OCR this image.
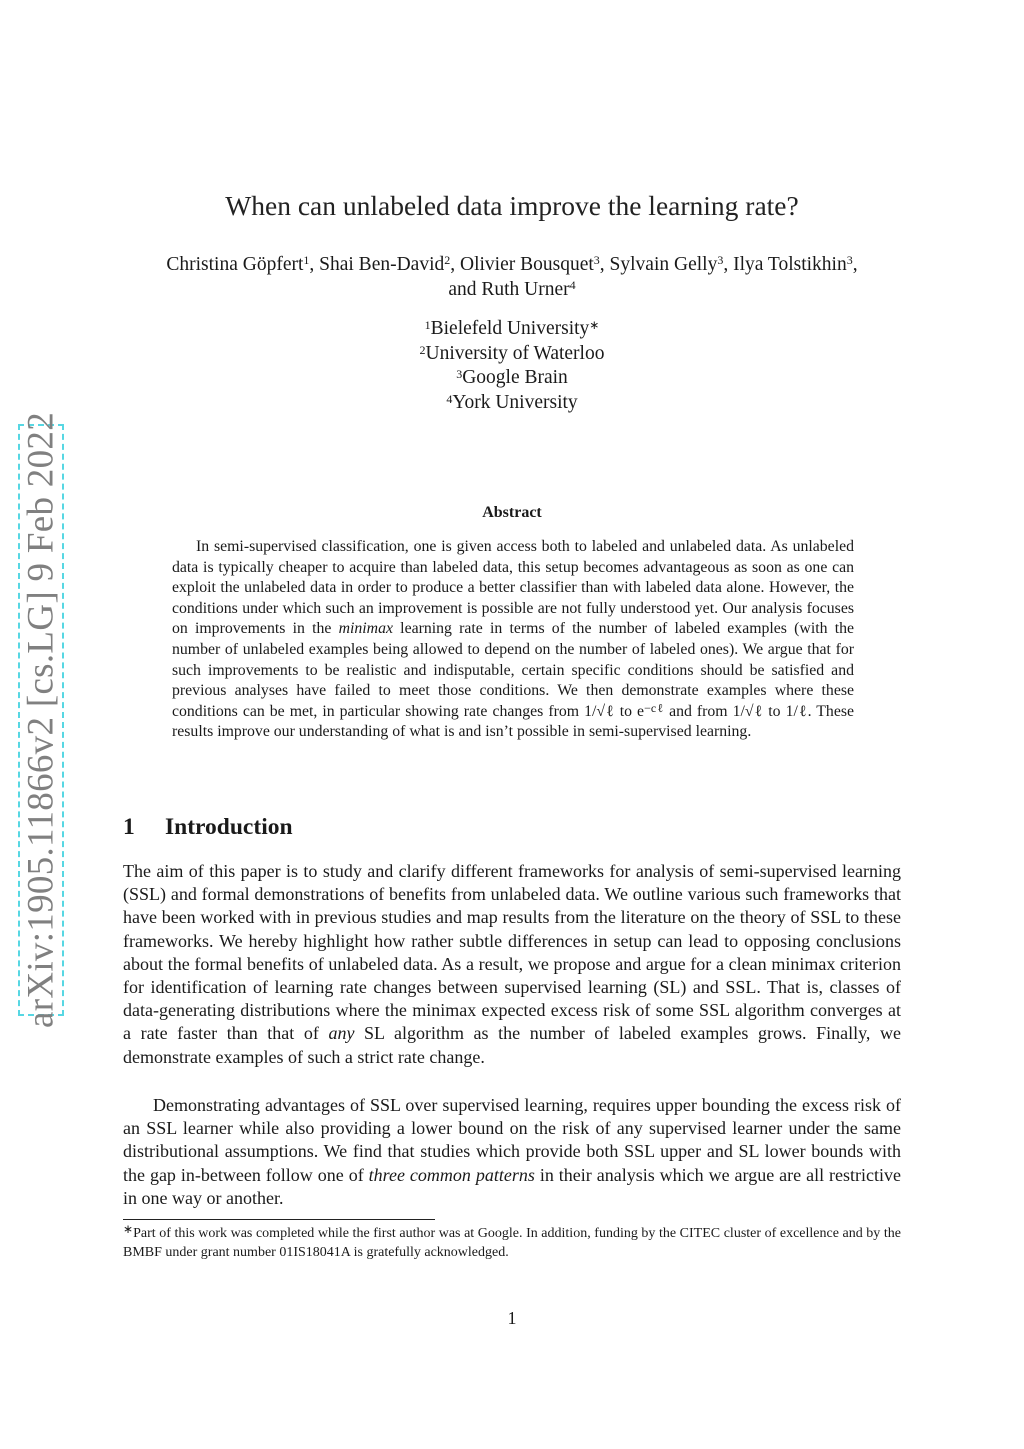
arXiv:1905.11866v2 [cs.LG] 9 Feb 2022
When can unlabeled data improve the learning rate?
Christina Göpfert$^1$, Shai Ben-David$^2$, Olivier Bousquet$^3$, Sylvain Gelly$^3$, Ilya Tolstikhin$^3$, and Ruth Urner$^4$
$^1$Bielefeld University∗
$^2$University of Waterloo
$^3$Google Brain
$^4$York University
Abstract

In semi-supervised classification, one is given access both to labeled and unlabeled data. As unlabeled data is typically cheaper to acquire than labeled data, this setup becomes advantageous as soon as one can exploit the unlabeled data in order to produce a better classifier than with labeled data alone. However, the conditions under which such an improvement is possible are not fully understood yet. Our analysis focuses on improvements in the minimax learning rate in terms of the number of labeled examples (with the number of unlabeled examples being allowed to depend on the number of labeled ones). We argue that for such improvements to be realistic and indisputable, certain specific conditions should be satisfied and previous analyses have failed to meet those conditions. We then demonstrate examples where these conditions can be met, in particular showing rate changes from 1/√ℓ to $e^{-c\ell}$ and from 1/√ℓ to 1/ℓ. These results improve our understanding of what is and isn’t possible in semi-supervised learning.

1 Introduction

The aim of this paper is to study and clarify different frameworks for analysis of semi-supervised learning (SSL) and formal demonstrations of benefits from unlabeled data. We outline various such frameworks that have been worked with in previous studies and map results from the literature on the theory of SSL to these frameworks. We hereby highlight how rather subtle differences in setup can lead to opposing conclusions about the formal benefits of unlabeled data. As a result, we propose and argue for a clean minimax criterion for identification of learning rate changes between supervised learning (SL) and SSL. That is, classes of data-generating distributions where the minimax expected excess risk of some SSL algorithm converges at a rate faster than that of any SL algorithm as the number of labeled examples grows. Finally, we demonstrate examples of such a strict rate change.

Demonstrating advantages of SSL over supervised learning, requires upper bounding the excess risk of an SSL learner while also providing a lower bound on the risk of any supervised learner under the same distributional assumptions. We find that studies which provide both SSL upper and SL lower bounds with the gap in-between follow one of three common patterns in their analysis which we argue are all restrictive in one way or another.

∗Part of this work was completed while the first author was at Google. In addition, funding by the CITEC cluster of excellence and by the BMBF under grant number 01IS18041A is gratefully acknowledged.

1
